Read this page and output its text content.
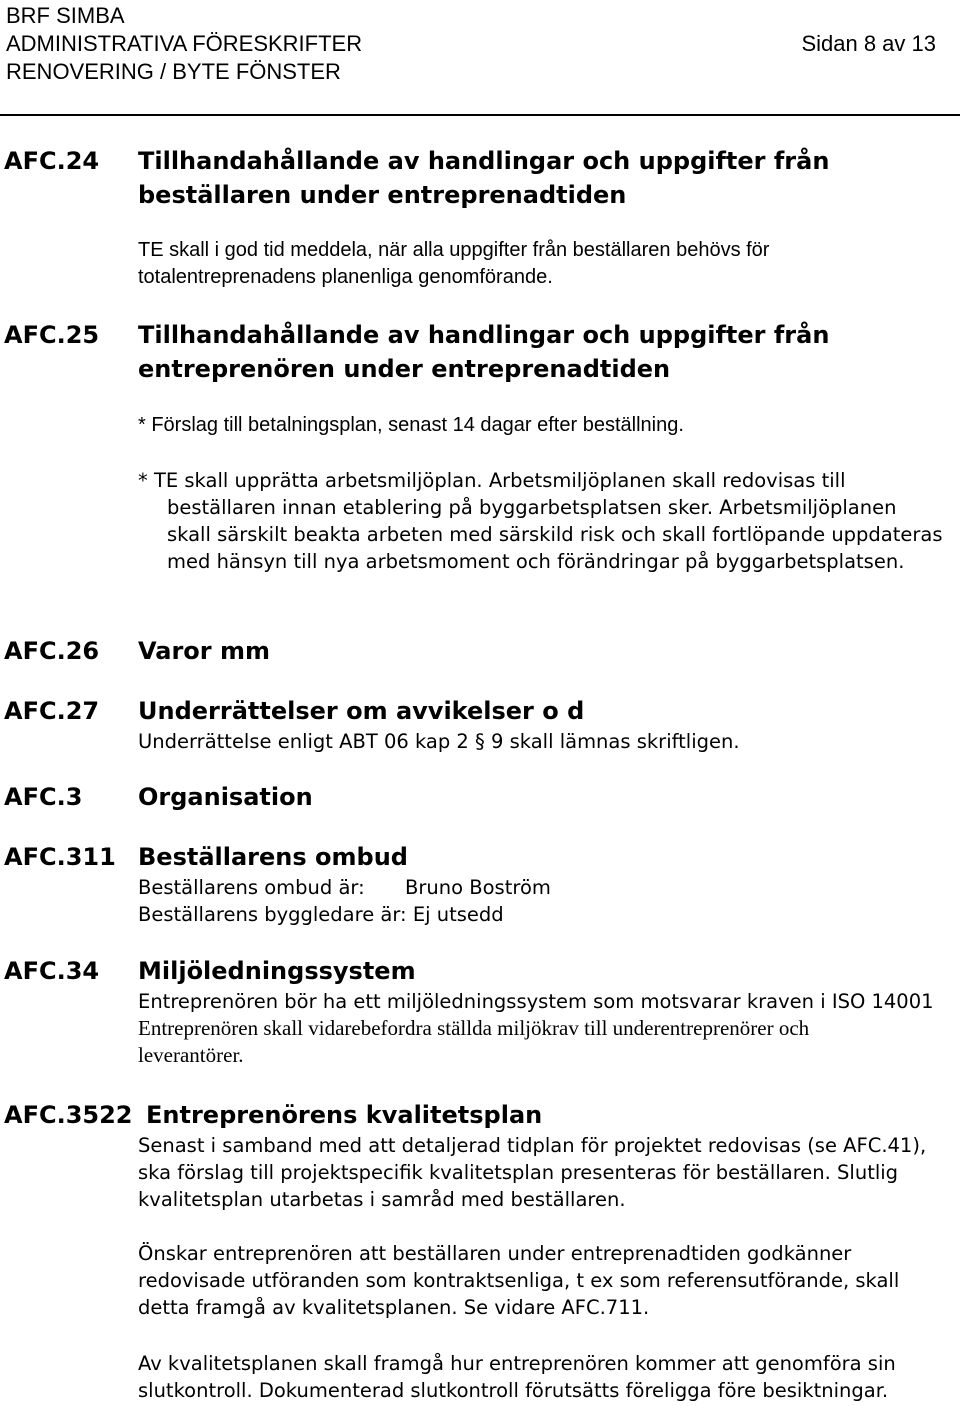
BRF SIMBA
ADMINISTRATIVA FÖRESKRIFTER
RENOVERING / BYTE FÖNSTER
Sidan 8 av 13
AFC.24 Tillhandahållande av handlingar och uppgifter från
beställaren under entreprenadtiden
TE skall i god tid meddela, när alla uppgifter från beställaren behövs för
totalentreprenadens planenliga genomförande.
AFC.25 Tillhandahållande av handlingar och uppgifter från
entreprenören under entreprenadtiden
* Förslag till betalningsplan, senast 14 dagar efter beställning.
* TE skall upprätta arbetsmiljöplan. Arbetsmiljöplanen skall redovisas till
beställaren innan etablering på byggarbetsplatsen sker. Arbetsmiljöplanen
skall särskilt beakta arbeten med särskild risk och skall fortlöpande uppdateras
med hänsyn till nya arbetsmoment och förändringar på byggarbetsplatsen.
AFC.26 Varor mm
AFC.27 Underrättelser om avvikelser o d
Underrättelse enligt ABT 06 kap 2 § 9 skall lämnas skriftligen.
AFC.3 Organisation
AFC.311 Beställarens ombud
Beställarens ombud är: Bruno Boström
Beställarens byggledare är: Ej utsedd
AFC.34 Miljöledningssystem
Entreprenören bör ha ett miljöledningssystem som motsvarar kraven i ISO 14001
Entreprenören skall vidarebefordra ställda miljökrav till underentreprenörer och
leverantörer.
AFC.3522 Entreprenörens kvalitetsplan
Senast i samband med att detaljerad tidplan för projektet redovisas (se AFC.41),
ska förslag till projektspecifik kvalitetsplan presenteras för beställaren. Slutlig
kvalitetsplan utarbetas i samråd med beställaren.
Önskar entreprenören att beställaren under entreprenadtiden godkänner
redovisade utföranden som kontraktsenliga, t ex som referensutförande, skall
detta framgå av kvalitetsplanen. Se vidare AFC.711.
Av kvalitetsplanen skall framgå hur entreprenören kommer att genomföra sin
slutkontroll. Dokumenterad slutkontroll förutsätts föreligga före besiktningar.
